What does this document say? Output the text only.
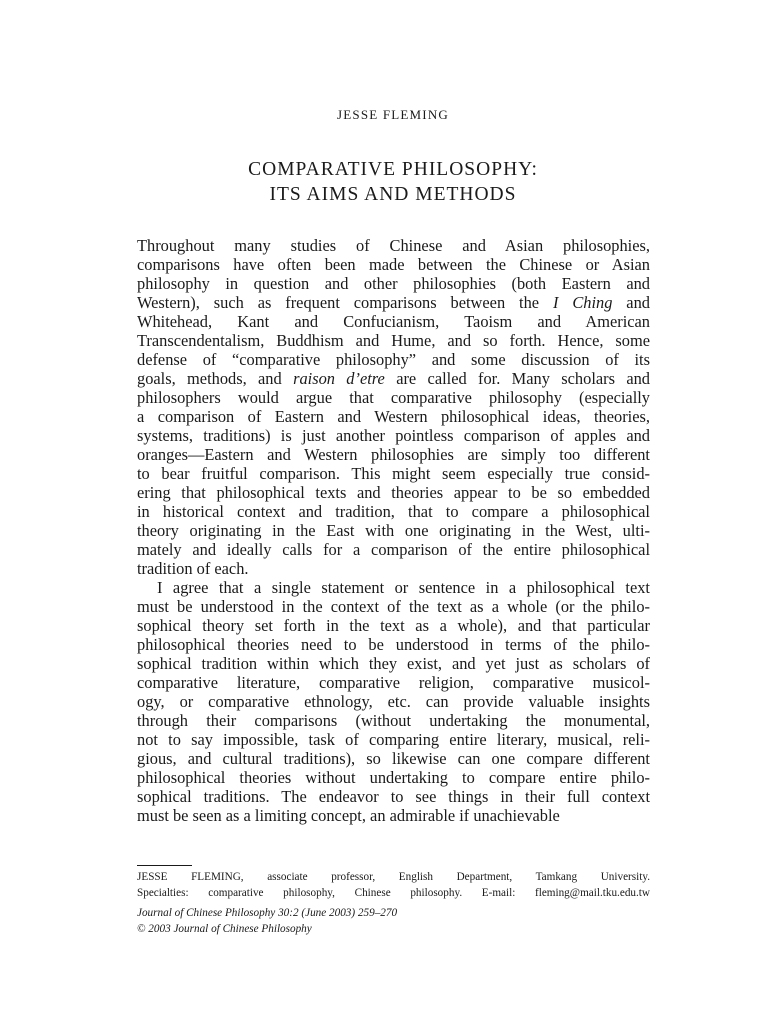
JESSE FLEMING
COMPARATIVE PHILOSOPHY:
ITS AIMS AND METHODS
Throughout many studies of Chinese and Asian philosophies,
comparisons have often been made between the Chinese or Asian
philosophy in question and other philosophies (both Eastern and
Western), such as frequent comparisons between the I Ching and
Whitehead, Kant and Confucianism, Taoism and American
Transcendentalism, Buddhism and Hume, and so forth. Hence, some
defense of “comparative philosophy” and some discussion of its
goals, methods, and raison d’etre are called for. Many scholars and
philosophers would argue that comparative philosophy (especially
a comparison of Eastern and Western philosophical ideas, theories,
systems, traditions) is just another pointless comparison of apples and
oranges—Eastern and Western philosophies are simply too different
to bear fruitful comparison. This might seem especially true consid-
ering that philosophical texts and theories appear to be so embedded
in historical context and tradition, that to compare a philosophical
theory originating in the East with one originating in the West, ulti-
mately and ideally calls for a comparison of the entire philosophical
tradition of each.
I agree that a single statement or sentence in a philosophical text
must be understood in the context of the text as a whole (or the philo-
sophical theory set forth in the text as a whole), and that particular
philosophical theories need to be understood in terms of the philo-
sophical tradition within which they exist, and yet just as scholars of
comparative literature, comparative religion, comparative musicol-
ogy, or comparative ethnology, etc. can provide valuable insights
through their comparisons (without undertaking the monumental,
not to say impossible, task of comparing entire literary, musical, reli-
gious, and cultural traditions), so likewise can one compare different
philosophical theories without undertaking to compare entire philo-
sophical traditions. The endeavor to see things in their full context
must be seen as a limiting concept, an admirable if unachievable
JESSE FLEMING, associate professor, English Department, Tamkang University.
Specialties: comparative philosophy, Chinese philosophy. E-mail: fleming@mail.tku.edu.tw
Journal of Chinese Philosophy 30:2 (June 2003) 259–270
© 2003 Journal of Chinese Philosophy
